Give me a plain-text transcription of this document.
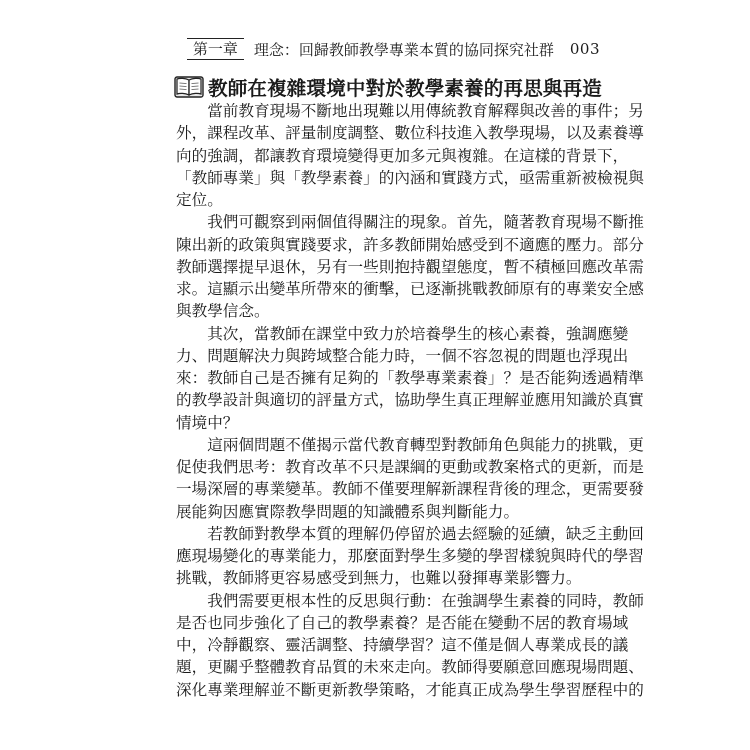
第一章	理念：回歸教師教學專業本質的協同探究社群 003
教師在複雜環境中對於教學素養的再思與再造
　　當前教育現場不斷地出現難以用傳統教育解釋與改善的事件；另
外，課程改革、評量制度調整、數位科技進入教學現場，以及素養導
向的強調，都讓教育環境變得更加多元與複雜。在這樣的背景下，
「教師專業」與「教學素養」的內涵和實踐方式，亟需重新被檢視與
定位。
　　我們可觀察到兩個值得關注的現象。首先，隨著教育現場不斷推
陳出新的政策與實踐要求，許多教師開始感受到不適應的壓力。部分
教師選擇提早退休，另有一些則抱持觀望態度，暫不積極回應改革需
求。這顯示出變革所帶來的衝擊，已逐漸挑戰教師原有的專業安全感
與教學信念。
　　其次，當教師在課堂中致力於培養學生的核心素養，強調應變
力、問題解決力與跨域整合能力時，一個不容忽視的問題也浮現出
來：教師自己是否擁有足夠的「教學專業素養」？是否能夠透過精準
的教學設計與適切的評量方式，協助學生真正理解並應用知識於真實
情境中？
　　這兩個問題不僅揭示當代教育轉型對教師角色與能力的挑戰，更
促使我們思考：教育改革不只是課綱的更動或教案格式的更新，而是
一場深層的專業變革。教師不僅要理解新課程背後的理念，更需要發
展能夠因應實際教學問題的知識體系與判斷能力。
　　若教師對教學本質的理解仍停留於過去經驗的延續，缺乏主動回
應現場變化的專業能力，那麼面對學生多變的學習樣貌與時代的學習
挑戰，教師將更容易感受到無力，也難以發揮專業影響力。
　　我們需要更根本性的反思與行動：在強調學生素養的同時，教師
是否也同步強化了自己的教學素養？是否能在變動不居的教育場域
中，冷靜觀察、靈活調整、持續學習？這不僅是個人專業成長的議
題，更關乎整體教育品質的未來走向。教師得要願意回應現場問題、
深化專業理解並不斷更新教學策略，才能真正成為學生學習歷程中的
